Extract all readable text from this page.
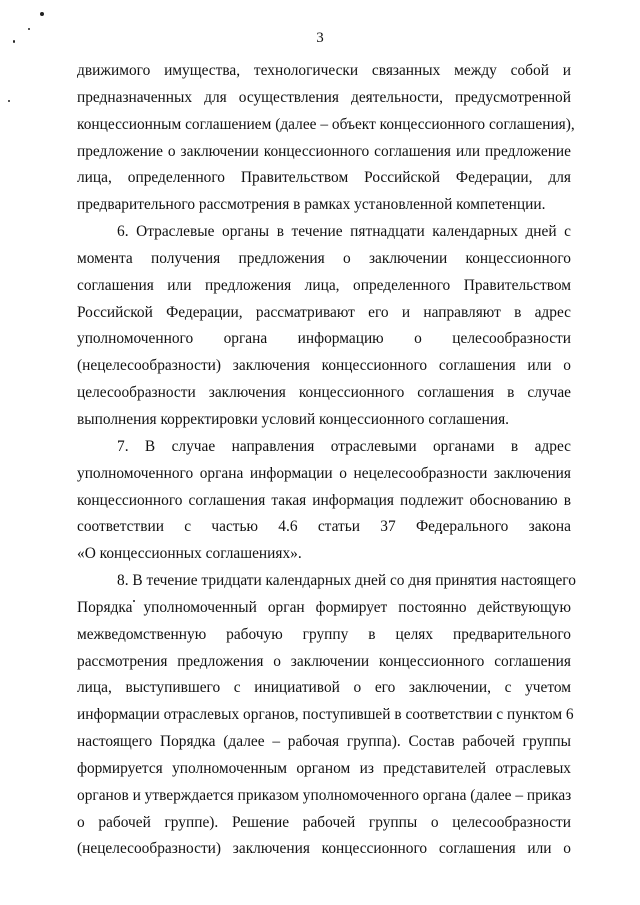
3
движимого имущества, технологически связанных между собой и
предназначенных для осуществления деятельности, предусмотренной
концессионным соглашением (далее – объект концессионного соглашения),
предложение о заключении концессионного соглашения или предложение
лица, определенного Правительством Российской Федерации, для
предварительного рассмотрения в рамках установленной компетенции.
6. Отраслевые органы в течение пятнадцати календарных дней с
момента получения предложения о заключении концессионного
соглашения или предложения лица, определенного Правительством
Российской Федерации, рассматривают его и направляют в адрес
уполномоченного органа информацию о целесообразности
(нецелесообразности) заключения концессионного соглашения или о
целесообразности заключения концессионного соглашения в случае
выполнения корректировки условий концессионного соглашения.
7. В случае направления отраслевыми органами в адрес
уполномоченного органа информации о нецелесообразности заключения
концессионного соглашения такая информация подлежит обоснованию в
соответствии с частью 4.6 статьи 37 Федерального закона
«О концессионных соглашениях».
8. В течение тридцати календарных дней со дня принятия настоящего
Порядка уполномоченный орган формирует постоянно действующую
межведомственную рабочую группу в целях предварительного
рассмотрения предложения о заключении концессионного соглашения
лица, выступившего с инициативой о его заключении, с учетом
информации отраслевых органов, поступившей в соответствии с пунктом 6
настоящего Порядка (далее – рабочая группа). Состав рабочей группы
формируется уполномоченным органом из представителей отраслевых
органов и утверждается приказом уполномоченного органа (далее – приказ
о рабочей группе). Решение рабочей группы о целесообразности
(нецелесообразности) заключения концессионного соглашения или о
